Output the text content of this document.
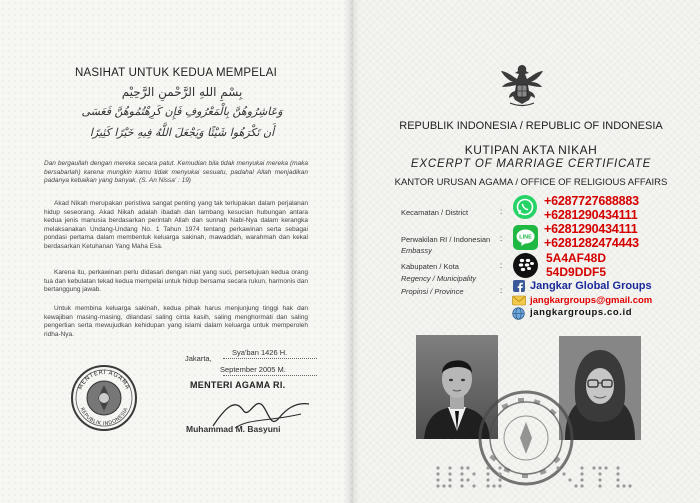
NASIHAT UNTUK KEDUA MEMPELAI
بِسْمِ اللهِ الرَّحْمنِ الرَّحِيْم
وَعَاشِرُوهُنَّ بِالْمَعْرُوفِ فَإِن كَرِهْتُمُوهُنَّ فَعَسَى
أَن تَكْرَهُوا شَيْئًا وَيَجْعَلَ اللَّهُ فِيهِ خَيْرًا كَثِيرًا
Dan bergaullah dengan mereka secara patut. Kemudian bila tidak menyukai mereka (maka bersabarlah) karena mungkin kamu tidak menyukai sesuatu, padahal Allah menjadikan padanya kebaikan yang banyak. (S. An Nissa' : 19)
Akad Nikah merupakan peristiwa sangat penting yang tak terlupakan dalam perjalanan hidup seseorang. Akad Nikah adalah ibadah dan lambang kesucian hubungan antara kedua jenis manusia berdasarkan perintah Allah dan sunnah Nabi-Nya dalam kerangka melaksanakan Undang-Undang No. 1 Tahun 1974 tentang perkawinan serta sebagai pondasi pertama dalam membentuk keluarga sakinah, mawaddah, warahmah dan kekal berdasarkan Ketuhanan Yang Maha Esa.
Karena itu, perkawinan perlu didasari dengan niat yang suci, persetujuan kedua orang tua dan kebulatan tekad kedua mempelai untuk hidup bersama secara rukun, harmonis dan bertanggung jawab.
Untuk membina keluarga sakinah, kedua pihak harus menjunjung tinggi hak dan kewajiban masing-masing, dilandasi saling cinta kasih, saling menghormati dan saling pengertian serta mewujudkan kehidupan yang islami dalam keluarga untuk memperoleh ridha-Nya.
Jakarta,
Sya'ban 1426 H.
September 2005 M.
MENTERI AGAMA RI.
Muhammad M. Basyuni
MENTERI AGAMA
REPUBLIK INDONESIA
REPUBLIK INDONESIA / REPUBLIC OF INDONESIA
KUTIPAN AKTA NIKAH
EXCERPT OF MARRIAGE CERTIFICATE
KANTOR URUSAN AGAMA / OFFICE OF RELIGIOUS AFFAIRS
Kecamatan / District	:
Perwakilan RI / Indonesian :
Embassy
Kabupaten / Kota	:
Regency / Municipality
Propinsi / Province	:
+6287727688883
+6281290434111
LINE
+6281290434111
+6281282474443
5A4AF48D
54D9DDF5
Jangkar Global Groups
jangkargroups@gmail.com
jangkargroups.co.id
